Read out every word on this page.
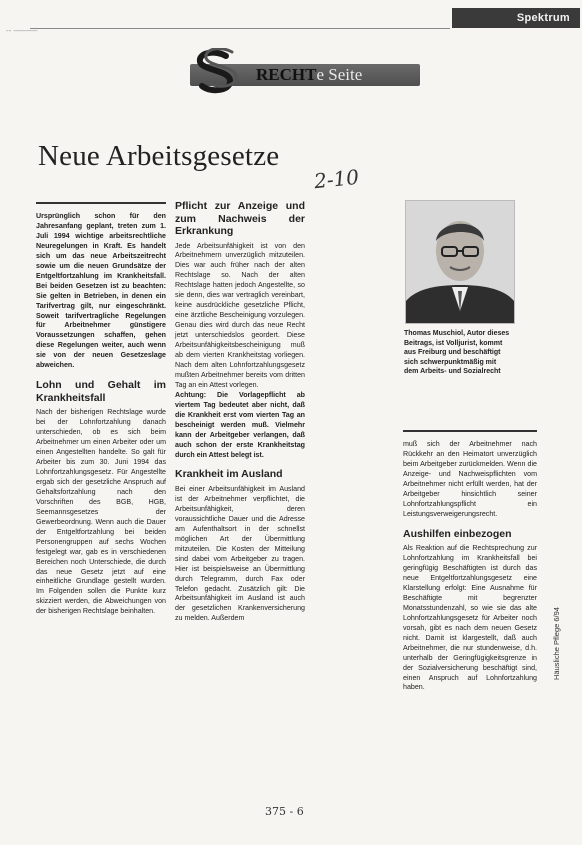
-- ———
Spektrum
RECHTe Seite
Neue Arbeitsgesetze
2-10

Ursprünglich schon für den Jahresanfang geplant, treten zum 1. Juli 1994 wichtige arbeitsrechtliche Neuregelungen in Kraft. Es handelt sich um das neue Arbeitszeitrecht sowie um die neuen Grundsätze der Entgeltfortzahlung im Krankheitsfall. Bei beiden Gesetzen ist zu beachten: Sie gelten in Betrieben, in denen ein Tarifvertrag gilt, nur eingeschränkt. Soweit tarifvertragliche Regelungen für Arbeitnehmer günstigere Voraussetzungen schaffen, gehen diese Regelungen weiter, auch wenn sie von der neuen Gesetzeslage abweichen.

Lohn und Gehalt im Krankheitsfall

Nach der bisherigen Rechtslage wurde bei der Lohnfortzahlung danach unterschieden, ob es sich beim Arbeitnehmer um einen Arbeiter oder um einen Angestellten handelte. So galt für Arbeiter bis zum 30. Juni 1994 das Lohnfortzahlungsgesetz. Für Angestellte ergab sich der gesetzliche Anspruch auf Gehaltsfortzahlung nach den Vorschriften des BGB, HGB, Seemannsgesetzes der Gewerbeordnung. Wenn auch die Dauer der Entgeltfortzahlung bei beiden Personengruppen auf sechs Wochen festgelegt war, gab es in verschiedenen Bereichen noch Unterschiede, die durch das neue Gesetz jetzt auf eine einheitliche Grundlage gestellt wurden. Im Folgenden sollen die Punkte kurz skizziert werden, die Abweichungen von der bisherigen Rechtslage beinhalten.

Pflicht zur Anzeige und zum Nachweis der Erkrankung

Jede Arbeitsunfähigkeit ist von den Arbeitnehmern unverzüglich mitzuteilen. Dies war auch früher nach der alten Rechtslage so. Nach der alten Rechtslage hatten jedoch Angestellte, so sie denn, dies war vertraglich vereinbart, keine ausdrückliche gesetzliche Pflicht, eine ärztliche Bescheinigung vorzulegen. Genau dies wird durch das neue Recht jetzt unterschiedslos geordert. Diese Arbeitsunfähigkeitsbescheinigung muß ab dem vierten Krankheitstag vorliegen. Nach dem alten Lohnfortzahlungsgesetz mußten Arbeitnehmer bereits vom dritten Tag an ein Attest vorlegen.

Achtung: Die Vorlagepflicht ab viertem Tag bedeutet aber nicht, daß die Krankheit erst vom vierten Tag an bescheinigt werden muß. Vielmehr kann der Arbeitgeber verlangen, daß auch schon der erste Krankheitstag durch ein Attest belegt ist.

Krankheit im Ausland

Bei einer Arbeitsunfähigkeit im Ausland ist der Arbeitnehmer verpflichtet, die Arbeitsunfähigkeit, deren voraussichtliche Dauer und die Adresse am Aufenthaltsort in der schnellst möglichen Art der Übermittlung mitzuteilen. Die Kosten der Mitteilung sind dabei vom Arbeitgeber zu tragen. Hier ist beispielsweise an Übermittlung durch Telegramm, durch Fax oder Telefon gedacht. Zusätzlich gilt: Die Arbeitsunfähigkeit im Ausland ist auch der gesetzlichen Krankenversicherung zu melden. Außerdem

Thomas Muschiol, Autor dieses Beitrags, ist Volljurist, kommt aus Freiburg und beschäftigt sich schwerpunktmäßig mit dem Arbeits- und Sozialrecht

muß sich der Arbeitnehmer nach Rückkehr an den Heimatort unverzüglich beim Arbeitgeber zurückmelden. Wenn die Anzeige- und Nachweispflichten vom Arbeitnehmer nicht erfüllt werden, hat der Arbeitgeber hinsichtlich seiner Lohnfortzahlungspflicht ein Leistungsverweigerungsrecht.

Aushilfen einbezogen

Als Reaktion auf die Rechtsprechung zur Lohnfortzahlung im Krankheitsfall bei geringfügig Beschäftigten ist durch das neue Entgeltfortzahlungsgesetz eine Klarstellung erfolgt: Eine Ausnahme für Beschäftigte mit begrenzter Monatsstundenzahl, so wie sie das alte Lohnfortzahlungsgesetz für Arbeiter noch vorsah, gibt es nach dem neuen Gesetz nicht. Damit ist klargestellt, daß auch Arbeitnehmer, die nur stundenweise, d.h. unterhalb der Geringfügigkeitsgrenze in der Sozialversicherung beschäftigt sind, einen Anspruch auf Lohnfortzahlung haben.

Häusliche Pflege 6/94
375 - 6
